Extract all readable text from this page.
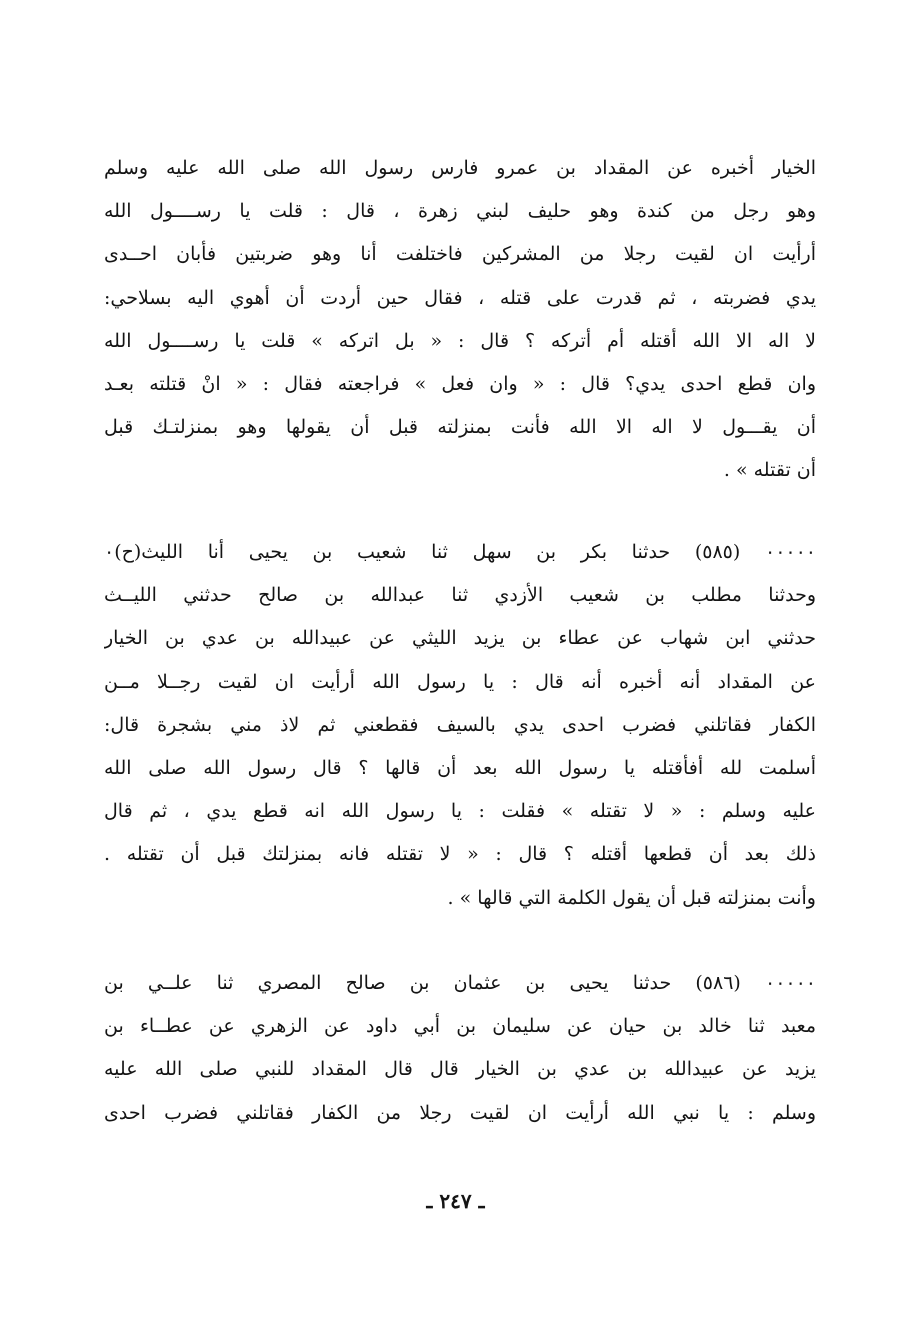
الخيار أخبره عن المقداد بن عمرو فارس رسول الله صلى الله عليه وسلم
وهو رجل من كندة وهو حليف لبني زهرة ، قال : قلت يا رســــول الله
أرأيت ان لقيت رجلا من المشركين فاختلفت أنا وهو ضربتين فأبان احــدى
يدي فضربته ، ثم قدرت على قتله ، فقال حين أردت أن أهوي اليه بسلاحي:
لا اله الا الله أقتله أم أتركه ؟ قال : « بل اتركه » قلت يا رســــول الله
وان قطع احدى يدي؟ قال : « وان فعل » فراجعته فقال : « انْ قتلته بعـد
أن يقـــول لا اله الا الله فأنت بمنزلته قبل أن يقولها وهو بمنزلتـك قبل
أن تقتله » .
٠٠٠٠٠ (٥٨٥) حدثنا بكر بن سهل ثنا شعيب بن يحيى أنا الليث(ح)٠
وحدثنا مطلب بن شعيب الأزدي ثنا عبدالله بن صالح حدثني الليــث
حدثني ابن شهاب عن عطاء بن يزيد الليثي عن عبيدالله بن عدي بن الخيار
عن المقداد أنه أخبره أنه قال : يا رسول الله أرأيت ان لقيت رجــلا مــن
الكفار فقاتلني فضرب احدى يدي بالسيف فقطعني ثم لاذ مني بشجرة قال:
أسلمت لله أفأقتله يا رسول الله بعد أن قالها ؟ قال رسول الله صلى الله
عليه وسلم : « لا تقتله » فقلت : يا رسول الله انه قطع يدي ، ثم قال
ذلك بعد أن قطعها أقتله ؟ قال : « لا تقتله فانه بمنزلتك قبل أن تقتله .
وأنت بمنزلته قبل أن يقول الكلمة التي قالها » .
٠٠٠٠٠ (٥٨٦) حدثنا يحيى بن عثمان بن صالح المصري ثنا علــي بن
معبد ثنا خالد بن حيان عن سليمان بن أبي داود عن الزهري عن عطــاء بن
يزيد عن عبيدالله بن عدي بن الخيار قال قال المقداد للنبي صلى الله عليه
وسلم : يا نبي الله أرأيت ان لقيت رجلا من الكفار فقاتلني فضرب احدى
ـ ٢٤٧ ـ
